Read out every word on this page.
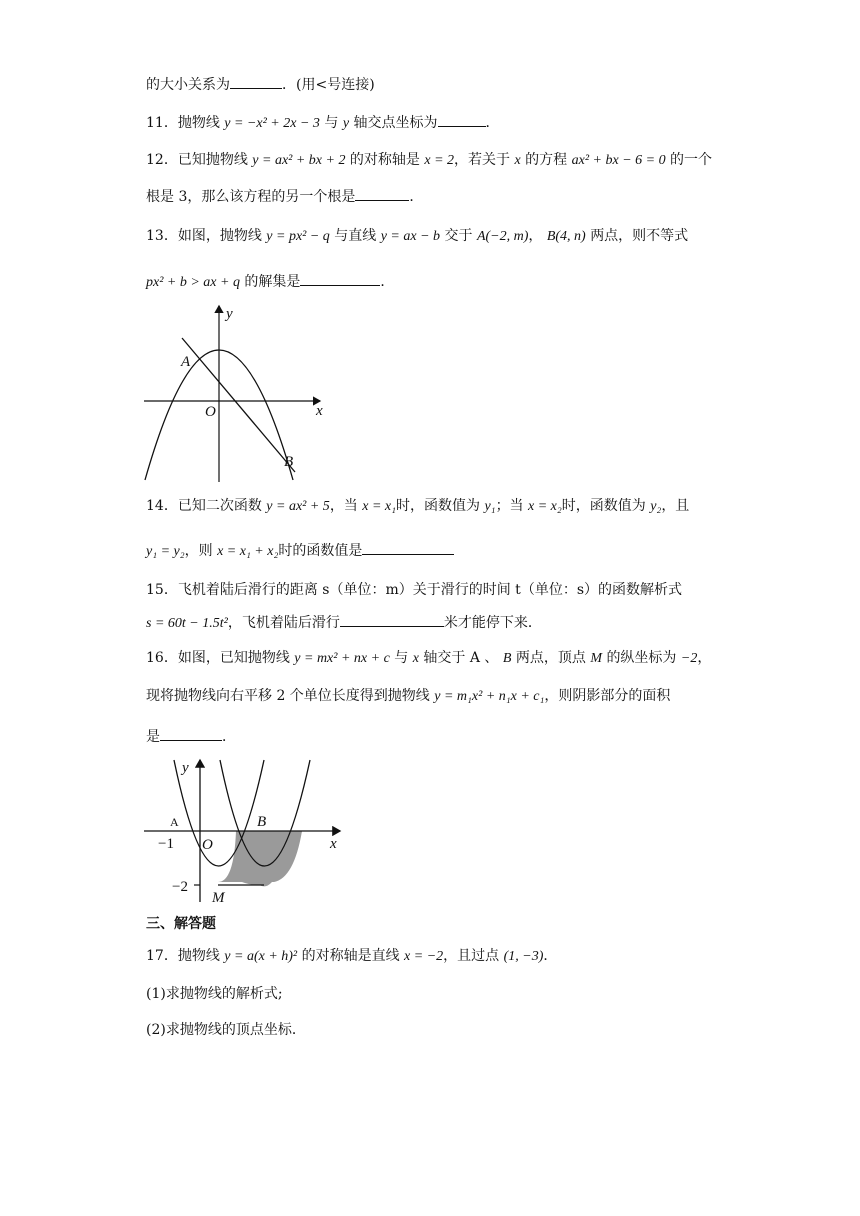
的大小关系为	．(用<号连接)
11．抛物线 y = −x² + 2x − 3 与 y 轴交点坐标为	．
12．已知抛物线 y = ax² + bx + 2 的对称轴是 x = 2，若关于 x 的方程 ax² + bx − 6 = 0 的一个
根是 3，那么该方程的另一个根是	．
13．如图，抛物线 y = px² − q 与直线 y = ax − b 交于 A(−2, m)， B(4, n) 两点，则不等式
px² + b > ax + q 的解集是	．
y
x
O
A
B
14．已知二次函数 y = ax² + 5，当 x = x₁时，函数值为 y₁；当 x = x₂时，函数值为 y₂，且
y₁ = y₂，则 x = x₁ + x₂时的函数值是
15．飞机着陆后滑行的距离 s（单位：m）关于滑行的时间 t（单位：s）的函数解析式
s = 60t − 1.5t²，飞机着陆后滑行	米才能停下来．
16．如图，已知抛物线 y = mx² + nx + c 与 x 轴交于 A 、 B 两点，顶点 M 的纵坐标为 −2，
现将抛物线向右平移 2 个单位长度得到抛物线 y = m₁x² + n₁x + c₁，则阴影部分的面积
是	．
y
x
A
−1 O
B
−2
M
三、解答题
17．抛物线 y = a(x + h)² 的对称轴是直线 x = −2，且过点 (1, −3)．
(1)求抛物线的解析式;
(2)求抛物线的顶点坐标．
